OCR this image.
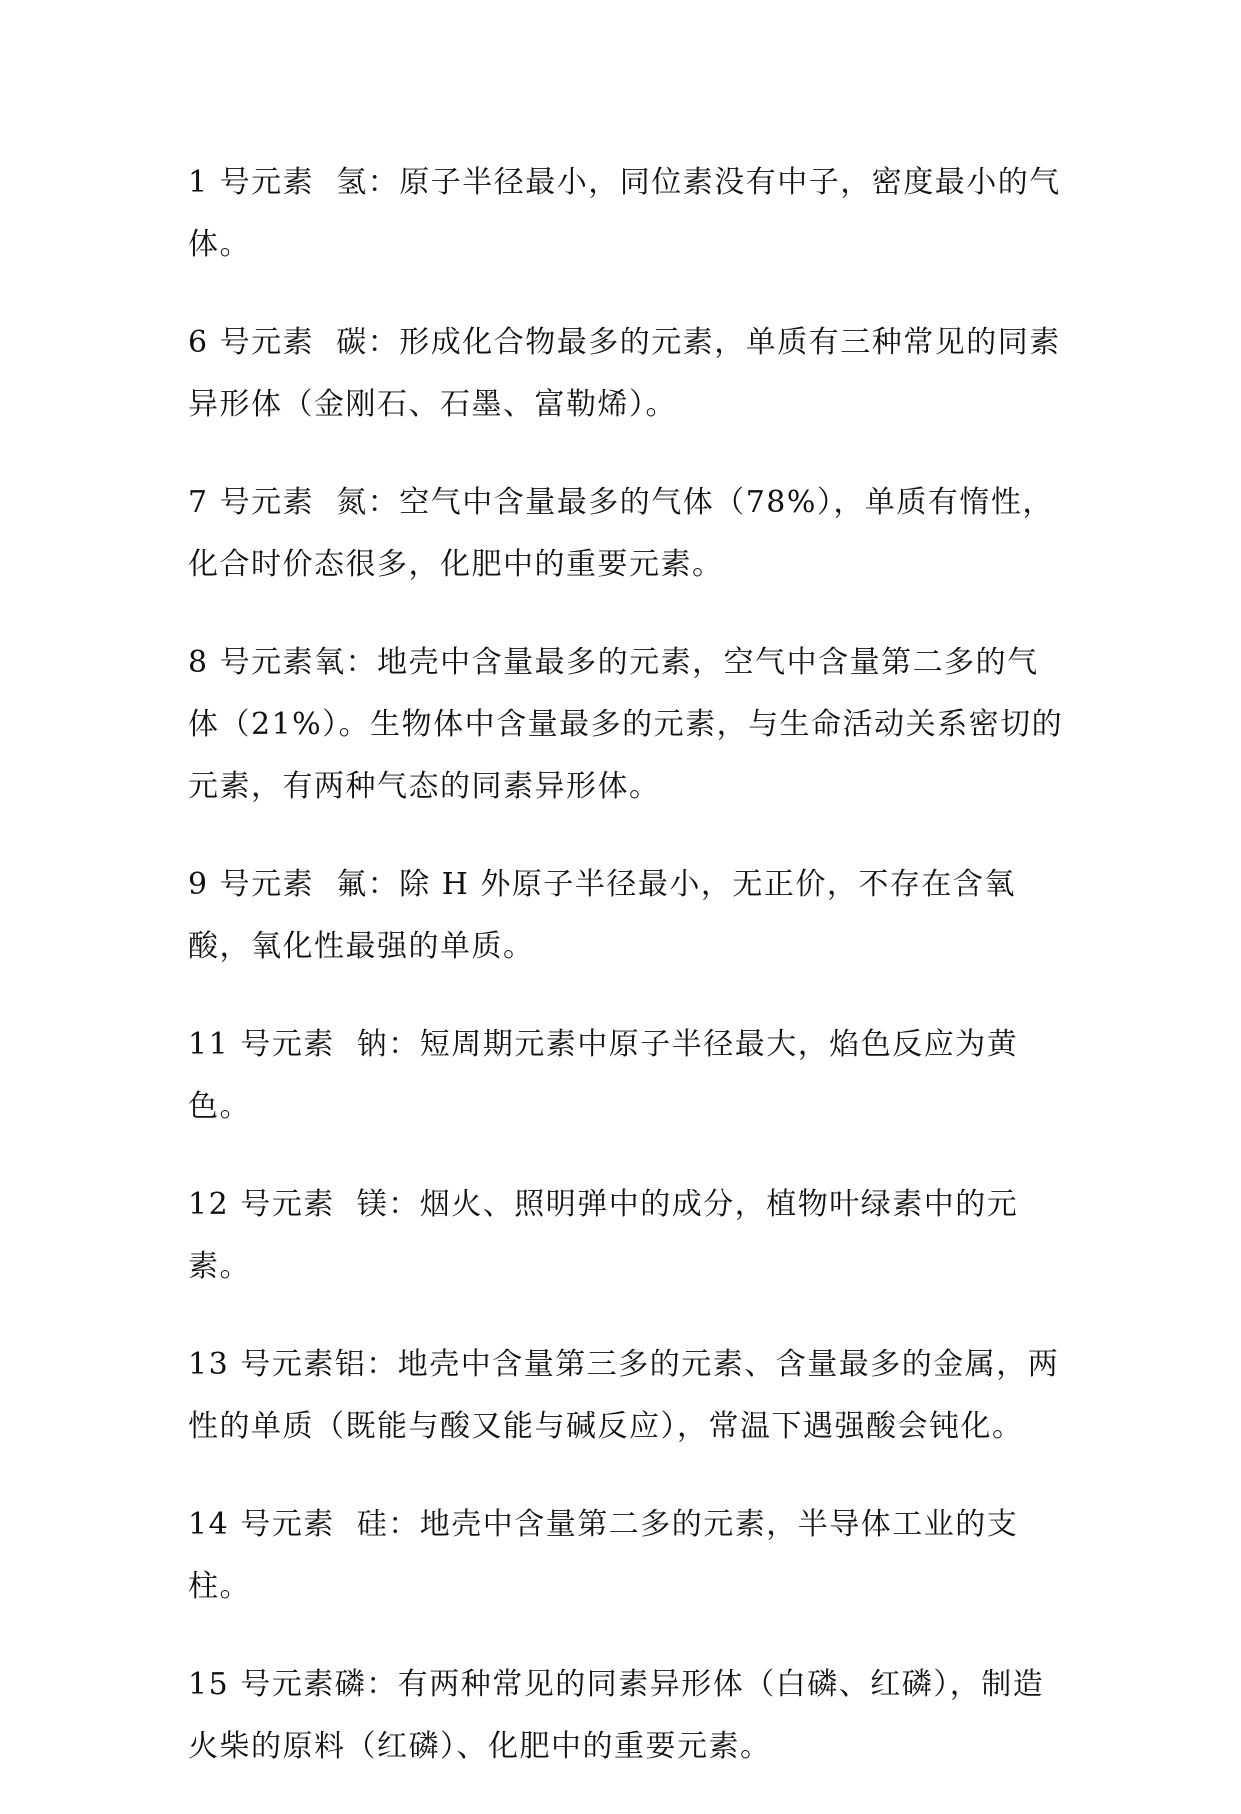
1 号元素  氢：原子半径最小，同位素没有中子，密度最小的气体。

6 号元素  碳：形成化合物最多的元素，单质有三种常见的同素异形体（金刚石、石墨、富勒烯）。

7 号元素  氮：空气中含量最多的气体（78%），单质有惰性，化合时价态很多，化肥中的重要元素。

8 号元素氧：地壳中含量最多的元素，空气中含量第二多的气体（21%）。生物体中含量最多的元素，与生命活动关系密切的元素，有两种气态的同素异形体。

9 号元素  氟：除 H 外原子半径最小，无正价，不存在含氧酸，氧化性最强的单质。

11 号元素  钠：短周期元素中原子半径最大，焰色反应为黄色。

12 号元素  镁：烟火、照明弹中的成分，植物叶绿素中的元素。

13 号元素铝：地壳中含量第三多的元素、含量最多的金属，两性的单质（既能与酸又能与碱反应），常温下遇强酸会钝化。

14 号元素  硅：地壳中含量第二多的元素，半导体工业的支柱。

15 号元素磷：有两种常见的同素异形体（白磷、红磷），制造火柴的原料（红磷）、化肥中的重要元素。
